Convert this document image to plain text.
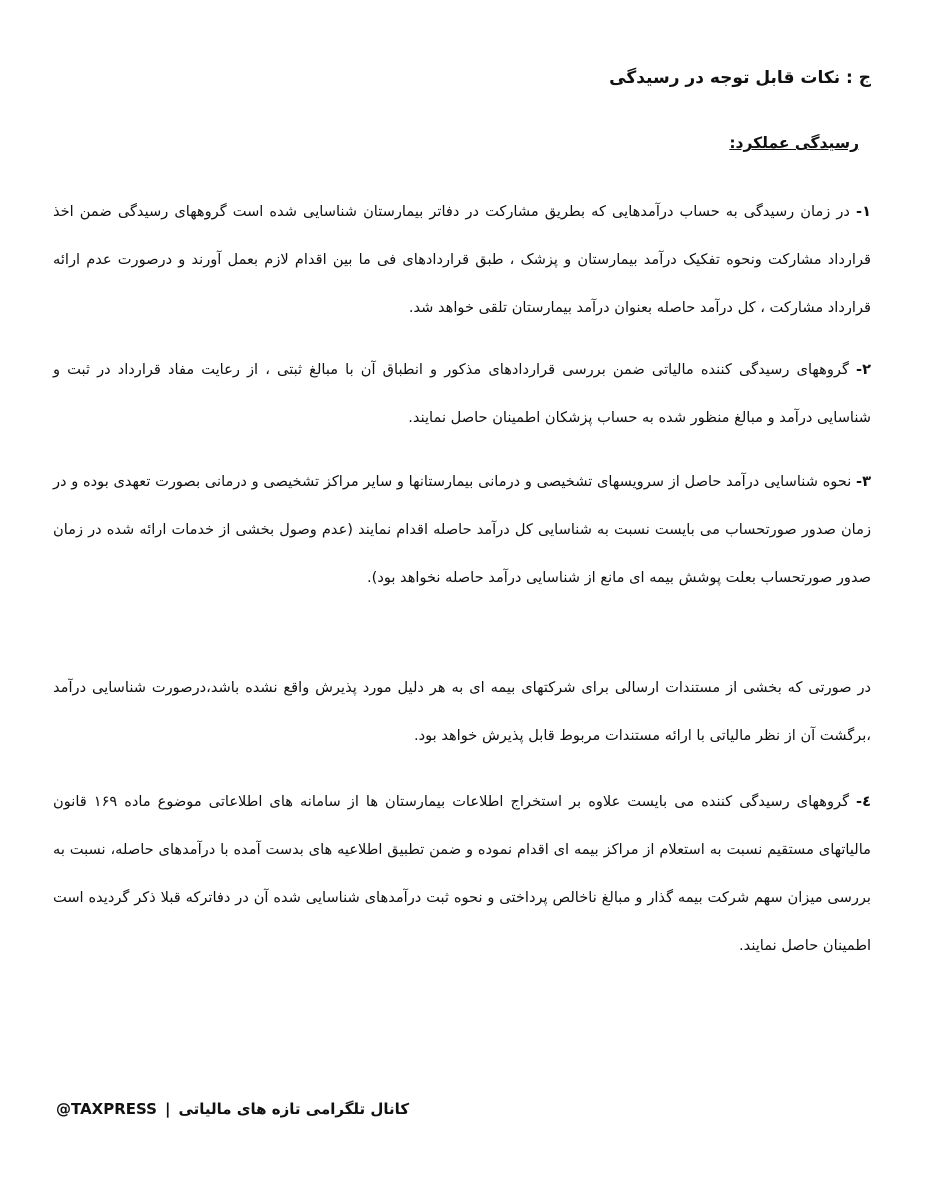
ج : نکات قابل توجه در رسیدگی
رسیدگی عملکرد:

۱- در زمان رسیدگی به حساب درآمدهایی که بطریق مشارکت در دفاتر بیمارستان شناسایی شده است گروههای رسیدگی ضمن اخذ قرارداد مشارکت ونحوه تفکیک درآمد بیمارستان و پزشک ، طبق قراردادهای فی ما بین اقدام لازم بعمل آورند و درصورت عدم ارائه قرارداد مشارکت ، کل درآمد حاصله بعنوان درآمد بیمارستان تلقی خواهد شد.

۲- گروههای رسیدگی کننده مالیاتی ضمن بررسی قراردادهای مذکور و انطباق آن با مبالغ ثبتی ، از رعایت مفاد قرارداد در ثبت و شناسایی درآمد و مبالغ منظور شده به حساب پزشکان اطمینان حاصل نمایند.

۳- نحوه شناسایی درآمد حاصل از سرویسهای تشخیصی و درمانی بیمارستانها و سایر مراکز تشخیصی و درمانی بصورت تعهدی بوده و در زمان صدور صورتحساب می بایست نسبت به شناسایی کل درآمد حاصله اقدام نمایند (عدم وصول بخشی از خدمات ارائه شده در زمان صدور صورتحساب بعلت پوشش بیمه ای مانع از شناسایی درآمد حاصله نخواهد بود).

در صورتی که بخشی از مستندات ارسالی برای شرکتهای بیمه ای به هر دلیل مورد پذیرش واقع نشده باشد،درصورت شناسایی درآمد ،برگشت آن از نظر مالیاتی با ارائه مستندات مربوط قابل پذیرش خواهد بود.

٤- گروههای رسیدگی کننده می بایست علاوه بر استخراج اطلاعات بیمارستان ها از سامانه های اطلاعاتی موضوع ماده ۱۶۹ قانون مالیاتهای مستقیم نسبت به استعلام از مراکز بیمه ای اقدام نموده و ضمن تطبیق اطلاعیه های بدست آمده با درآمدهای حاصله، نسبت به بررسی میزان سهم شرکت بیمه گذار و مبالغ ناخالص پرداختی و نحوه ثبت درآمدهای شناسایی شده آن در دفاترکه قبلا ذکر گردیده است اطمینان حاصل نمایند.

@TAXPRESS | کانال تلگرامی تازه های مالیاتی
